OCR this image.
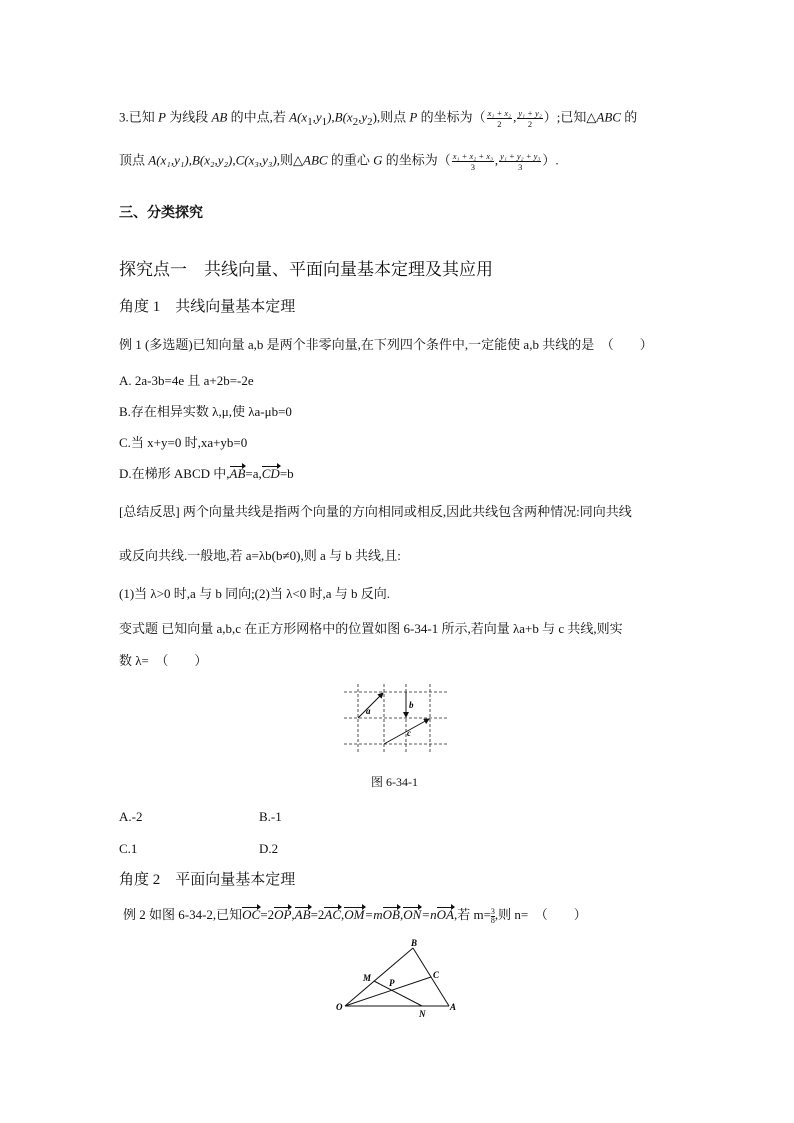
3.已知 P 为线段 AB 的中点,若 $A(x_1,y_1),B(x_2,y_2)$,则点 P 的坐标为（ $\frac{\text{x₁ + x₂}}{2}$ , $\frac{\text{y₁ + y₂}}{2}$ ）;已知△ABC 的
顶点 A(x₁,y₁),B(x₂,y₂),C(x₃,y₃),则△ABC 的重心 G 的坐标为（ $\frac{\text{x₁ + x₂ + x₃}}{3}$ , $\frac{\text{y₁ + y₂ + y₃}}{3}$ ）.
三、分类探究
探究点一　共线向量、平面向量基本定理及其应用
角度 1　共线向量基本定理
例 1 (多选题)已知向量 a,b 是两个非零向量,在下列四个条件中,一定能使 a,b 共线的是　（　　）
A. 2a-3b=4e 且 a+2b=-2e
B.存在相异实数 λ,μ,使 λa-μb=0
C.当 x+y=0 时,xa+yb=0
D.在梯形 ABCD 中,AB=a,CD=b
[总结反思] 两个向量共线是指两个向量的方向相同或相反,因此共线包含两种情况:同向共线
或反向共线.一般地,若 a=λb(b≠0),则 a 与 b 共线,且:
(1)当 λ>0 时,a 与 b 同向;(2)当 λ<0 时,a 与 b 反向.
变式题 已知向量 a,b,c 在正方形网格中的位置如图 6-34-1 所示,若向量 λa+b 与 c 共线,则实
数 λ=　（　　）
a
b
c
图 6-34-1
A.-2	B.-1
C.1	D.2
角度 2　平面向量基本定理
例 2 如图 6-34-2,已知OC=2OP,AB=2AC,OM=mOB,ON=nOA,若 $m= \frac{3}{8}$,则 n=　（　　）
O	A
B
C
M
N
P
